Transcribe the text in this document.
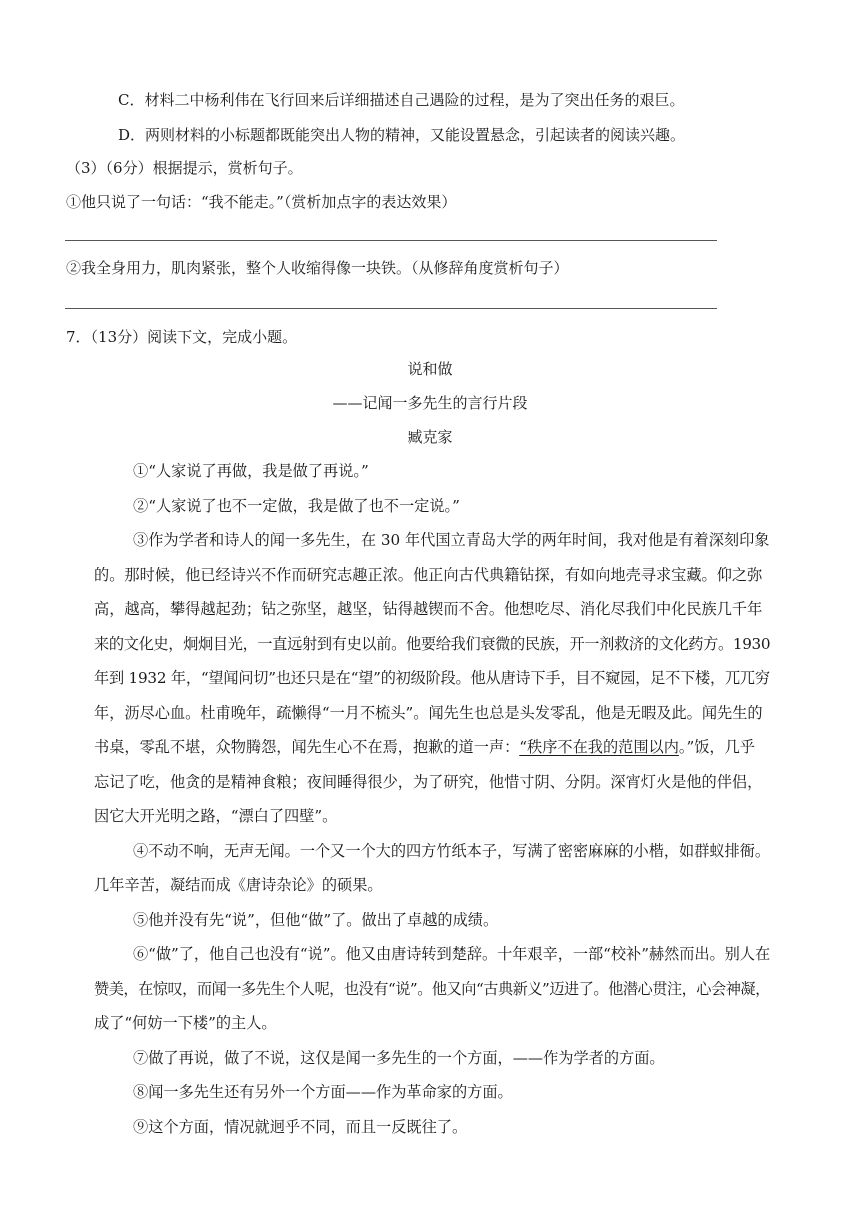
C．材料二中杨利伟在飞行回来后详细描述自己遇险的过程，是为了突出任务的艰巨。
D．两则材料的小标题都既能突出人物的精神，又能设置悬念，引起读者的阅读兴趣。
（3）（6分）根据提示，赏析句子。
①他只说了一句话：“我不能走。”（赏析加点字的表达效果）
②我全身用力，肌肉紧张，整个人收缩得像一块铁。（从修辞角度赏析句子）
7．（13分）阅读下文，完成小题。
说和做
——记闻一多先生的言行片段
臧克家
①“人家说了再做，我是做了再说。”
②“人家说了也不一定做，我是做了也不一定说。”
③作为学者和诗人的闻一多先生，在 30 年代国立青岛大学的两年时间，我对他是有着深刻印象
的。那时候，他已经诗兴不作而研究志趣正浓。他正向古代典籍钻探，有如向地壳寻求宝藏。仰之弥
高，越高，攀得越起劲；钻之弥坚，越坚，钻得越锲而不舍。他想吃尽、消化尽我们中化民族几千年
来的文化史，炯炯目光，一直远射到有史以前。他要给我们衰微的民族，开一剂救济的文化药方。1930
年到 1932 年，“望闻问切”也还只是在“望”的初级阶段。他从唐诗下手，目不窥园，足不下楼，兀兀穷
年，沥尽心血。杜甫晚年，疏懒得“一月不梳头”。闻先生也总是头发零乱，他是无暇及此。闻先生的
书桌，零乱不堪，众物腾怨，闻先生心不在焉，抱歉的道一声：“秩序不在我的范围以内。”饭，几乎
忘记了吃，他贪的是精神食粮；夜间睡得很少，为了研究，他惜寸阴、分阴。深宵灯火是他的伴侣，
因它大开光明之路，“漂白了四壁”。
④不动不响，无声无闻。一个又一个大的四方竹纸本子，写满了密密麻麻的小楷，如群蚁排衙。
几年辛苦，凝结而成《唐诗杂论》的硕果。
⑤他并没有先“说”，但他“做”了。做出了卓越的成绩。
⑥“做”了，他自己也没有“说”。他又由唐诗转到楚辞。十年艰辛，一部“校补”赫然而出。别人在
赞美，在惊叹，而闻一多先生个人呢，也没有“说”。他又向“古典新义”迈进了。他潜心贯注，心会神凝，
成了“何妨一下楼”的主人。
⑦做了再说，做了不说，这仅是闻一多先生的一个方面，——作为学者的方面。
⑧闻一多先生还有另外一个方面——作为革命家的方面。
⑨这个方面，情况就迥乎不同，而且一反既往了。
